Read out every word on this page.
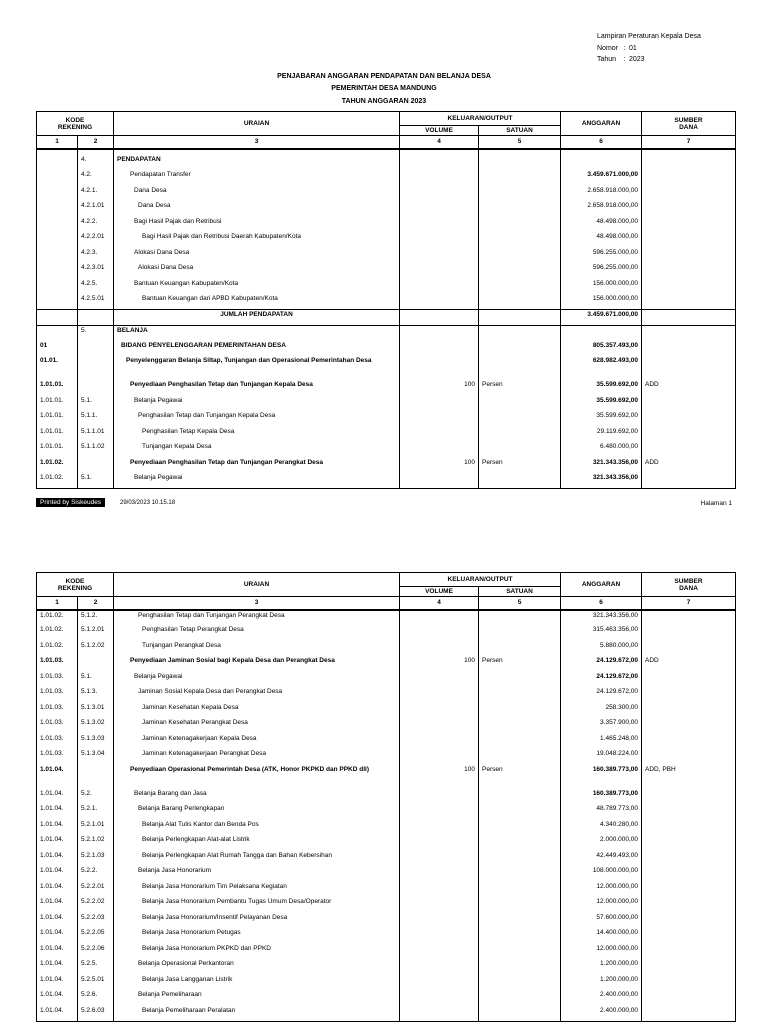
Lampiran Peraturan Kepala Desa
Nomor : 01
Tahun	: 2023
PENJABARAN ANGGARAN PENDAPATAN DAN BELANJA DESA
PEMERINTAH DESA MANDUNG
TAHUN ANGGARAN 2023
KODE
REKENING		URAIAN	KELUARAN/OUTPUT		ANGGARAN	SUMBER
DANA
			VOLUME	SATUAN		
1	2	3	4	5	6	7

	4.	PENDAPATAN				
	4.2.	Pendapatan Transfer			3.459.671.000,00	
	4.2.1.	Dana Desa			2.658.918.000,00	
	4.2.1.01	Dana Desa			2.658.918.000,00	
	4.2.2.	Bagi Hasil Pajak dan Retribusi			48.498.000,00	
	4.2.2.01	Bagi Hasil Pajak dan Retribusi Daerah Kabupaten/Kota			48.498.000,00	
	4.2.3.	Alokasi Dana Desa			596.255.000,00	
	4.2.3.01	Alokasi Dana Desa			596.255.000,00	
	4.2.5.	Bantuan Keuangan Kabupaten/Kota			156.000.000,00	
	4.2.5.01	Bantuan Keuangan dari APBD Kabupaten/Kota			156.000.000,00	
		JUMLAH PENDAPATAN			3.459.671.000,00	
	5.	BELANJA				
01		BIDANG PENYELENGGARAN PEMERINTAHAN DESA			805.357.493,00	
01.01.		Penyelenggaran Belanja Siltap, Tunjangan dan Operasional Pemerintahan Desa			628.982.493,00	
1.01.01.		Penyediaan Penghasilan Tetap dan Tunjangan Kepala Desa	100	Persen	35.599.692,00	ADD
1.01.01.	5.1.	Belanja Pegawai			35.599.692,00	
1.01.01.	5.1.1.	Penghasilan Tetap dan Tunjangan Kepala Desa			35.599.692,00	
1.01.01.	5.1.1.01	Penghasilan Tetap Kepala Desa			29.119.692,00	
1.01.01.	5.1.1.02	Tunjangan Kepala Desa			6.480.000,00	
1.01.02.		Penyediaan Penghasilan Tetap dan Tunjangan Perangkat Desa	100	Persen	321.343.356,00	ADD
1.01.02.	5.1.	Belanja Pegawai			321.343.356,00	
Printed by Siskeudes	29/03/2023 10.15.18	Halaman 1
KODE
REKENING		URAIAN	KELUARAN/OUTPUT		ANGGARAN	SUMBER
DANA
			VOLUME	SATUAN		
1	2	3	4	5	6	7
1.01.02.	5.1.2.	Penghasilan Tetap dan Tunjangan Perangkat Desa			321.343.356,00	
1.01.02.	5.1.2.01	Penghasilan Tetap Perangkat Desa			315.463.356,00	
1.01.02.	5.1.2.02	Tunjangan Perangkat Desa			5.880.000,00	
1.01.03.		Penyediaan Jaminan Sosial bagi Kepala Desa dan Perangkat Desa	100	Persen	24.129.672,00	ADD
1.01.03.	5.1.	Belanja Pegawai			24.129.672,00	
1.01.03.	5.1.3.	Jaminan Sosial Kepala Desa dan Perangkat Desa			24.129.672,00	
1.01.03.	5.1.3.01	Jaminan Kesehatan Kepala Desa			258.300,00	
1.01.03.	5.1.3.02	Jaminan Kesehatan Perangkat Desa			3.357.900,00	
1.01.03.	5.1.3.03	Jaminan Ketenagakerjaan Kepala Desa			1.465.248,00	
1.01.03.	5.1.3.04	Jaminan Ketenagakerjaan Perangkat Desa			19.048.224,00	
1.01.04.		Penyediaan Operasional Pemerintah Desa (ATK, Honor PKPKD dan PPKD dll)	100	Persen	160.389.773,00	ADD, PBH
1.01.04.	5.2.	Belanja Barang dan Jasa			160.389.773,00	
1.01.04.	5.2.1.	Belanja Barang Perlengkapan			48.789.773,00	
1.01.04.	5.2.1.01	Belanja Alat Tulis Kantor dan Benda Pos			4.340.280,00	
1.01.04.	5.2.1.02	Belanja Perlengkapan Alat-alat Listrik			2.000.000,00	
1.01.04.	5.2.1.03	Belanja Perlengkapan Alat Rumah Tangga dan Bahan Kebersihan			42.449.493,00	
1.01.04.	5.2.2.	Belanja Jasa Honorarium			108.000.000,00	
1.01.04.	5.2.2.01	Belanja Jasa Honorarium Tim Pelaksana Kegiatan			12.000.000,00	
1.01.04.	5.2.2.02	Belanja Jasa Honorarium Pembantu Tugas Umum Desa/Operator			12.000.000,00	
1.01.04.	5.2.2.03	Belanja Jasa Honorarium/Insentif Pelayanan Desa			57.600.000,00	
1.01.04.	5.2.2.05	Belanja Jasa Honorarium Petugas			14.400.000,00	
1.01.04.	5.2.2.06	Belanja Jasa Honorarium PKPKD dan PPKD			12.000.000,00	
1.01.04.	5.2.5.	Belanja Operasional Perkantoran			1.200.000,00	
1.01.04.	5.2.5.01	Belanja Jasa Langganan Listrik			1.200.000,00	
1.01.04.	5.2.6.	Belanja Pemeliharaan			2.400.000,00	
1.01.04.	5.2.6.03	Belanja Pemeliharaan Peralatan			2.400.000,00	
